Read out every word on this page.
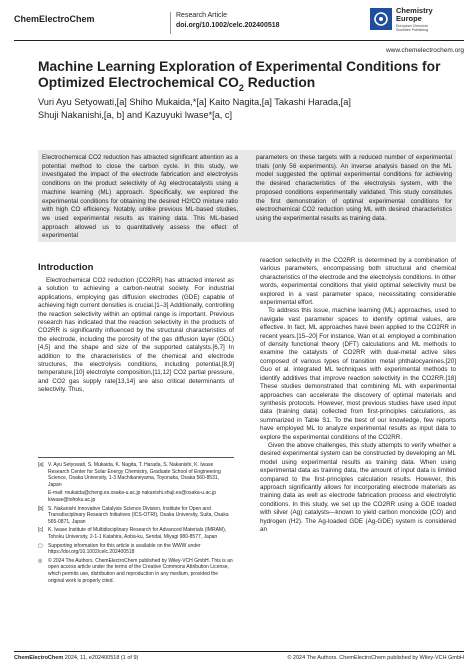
ChemElectroChem	Research Article
doi.org/10.1002/celc.202400518
Chemistry
Europe
European Chemical
Societies Publishing
www.chemelectrochem.org
Machine Learning Exploration of Experimental Conditions for Optimized Electrochemical $CO_2$ Reduction
Vuri Ayu Setyowati,[a] Shiho Mukaida,*[a] Kaito Nagita,[a] Takashi Harada,[a]
Shuji Nakanishi,[a, b] and Kazuyuki Iwase*[a, c]
Electrochemical CO2 reduction has attracted significant attention as a potential method to close the carbon cycle. In this study, we investigated the impact of the electrode fabrication and electrolysis conditions on the product selectivity of Ag electrocatalysts using a machine learning (ML) approach. Specifically, we explored the experimental conditions for obtaining the desired H2/CO mixture ratio with high CO efficiency. Notably, unlike previous ML-based studies, we used experimental results as training data. This ML-based approach allowed us to quantitatively assess the effect of experimental
parameters on these targets with a reduced number of experimental trials (only 56 experiments). An inverse analysis based on the ML model suggested the optimal experimental conditions for achieving the desired characteristics of the electrolysis system, with the proposed conditions experimentally validated. This study constitutes the first demonstration of optimal experimental conditions for electrochemical CO2 reduction using ML with desired characteristics using the experimental results as training data.
Introduction

Electrochemical CO2 reduction (CO2RR) has attracted interest as a solution to achieving a carbon-neutral society. For industrial applications, employing gas diffusion electrodes (GDE) capable of achieving high current densities is crucial.[1–3] Additionally, controlling the reaction selectivity within an optimal range is important. Previous research has indicated that the reaction selectivity in the products of CO2RR is significantly influenced by the structural characteristics of the electrode, including the porosity of the gas diffusion layer (GDL)[4,5] and the shape and size of the supported catalysts.[6,7] In addition to the characteristics of the chemical and electrode structures, the electrolysis conditions, including potential,[8,9] temperature,[10] electrolyte composition,[11,12] CO2 partial pressure, and CO2 gas supply rate[13,14] are also critical determinants of selectivity. Thus,

reaction selectivity in the CO2RR is determined by a combination of various parameters, encompassing both structural and chemical characteristics of the electrode and the electrolysis conditions. In other words, experimental conditions that yield optimal selectivity must be explored in a vast parameter space, necessitating considerable experimental effort.

To address this issue, machine learning (ML) approaches, used to navigate vast parameter spaces to identify optimal values, are effective. In fact, ML approaches have been applied to the CO2RR in recent years.[15–20] For instance, Wan et al. employed a combination of density functional theory (DFT) calculations and ML methods to examine the catalysts of CO2RR with dual-metal active sites composed of various types of transition metal phthalocyanines.[20] Guo et al. integrated ML techniques with experimental methods to identify additives that improve reaction selectivity in the CO2RR.[18] These studies demonstrated that combining ML with experimental approaches can accelerate the discovery of optimal materials and synthesis protocols. However, most previous studies have used input data (training data) collected from first-principles calculations, as summarized in Table S1. To the best of our knowledge, few reports have employed ML to analyze experimental results as input data to explore the experimental conditions of the CO2RR.

Given the above challenges, this study attempts to verify whether a desired experimental system can be constructed by developing an ML model using experimental results as training data. When using experimental data as training data, the amount of input data is limited compared to the first-principles calculation results. However, this approach significantly allows for incorporating electrode materials as training data as well as electrode fabrication process and electrolytic conditions. In this study, we set up the CO2RR using a GDE loaded with silver (Ag) catalysts—known to yield carbon monoxide (CO) and hydrogen (H2). The Ag-loaded GDE (Ag-GDE) system is considered an

[a] V. Ayu Setyowati, S. Mukaida, K. Nagita, T. Harada, S. Nakanishi, K. Iwase Research Center for Solar Energy Chemistry, Graduate School of Engineering Science, Osaka University, 1-3 Machikaneyama, Toyonaka, Osaka 560-8531, Japan
E-mail: mukaida@cheng.es.osaka-u.ac.jp nakanishi.shuji.es@osaka-u.ac.jp kiwase@tohoku.ac.jp
[b] S. Nakanishi Innovative Catalysis Science Division, Institute for Open and Transdisciplinary Research Initiatives (ICS-OTRI), Osaka University, Suita, Osaka 565-0871, Japan
[c] K. Iwase Institute of Multidisciplinary Research for Advanced Materials (IMRAM), Tohoku University, 2-1-1 Katahira, Aoba-ku, Sendai, Miyagi 980-8577, Japan
▢	Supporting information for this article is available on the WWW under https://doi.org/10.1002/celc.202400518
◎	© 2024 The Authors. ChemElectroChem published by Wiley-VCH GmbH. This is an open access article under the terms of the Creative Commons Attribution License, which permits use, distribution and reproduction in any medium, provided the original work is properly cited.
ChemElectroChem 2024, 11, e202400518 (1 of 9)	© 2024 The Authors. ChemElectroChem published by Wiley-VCH GmbH
